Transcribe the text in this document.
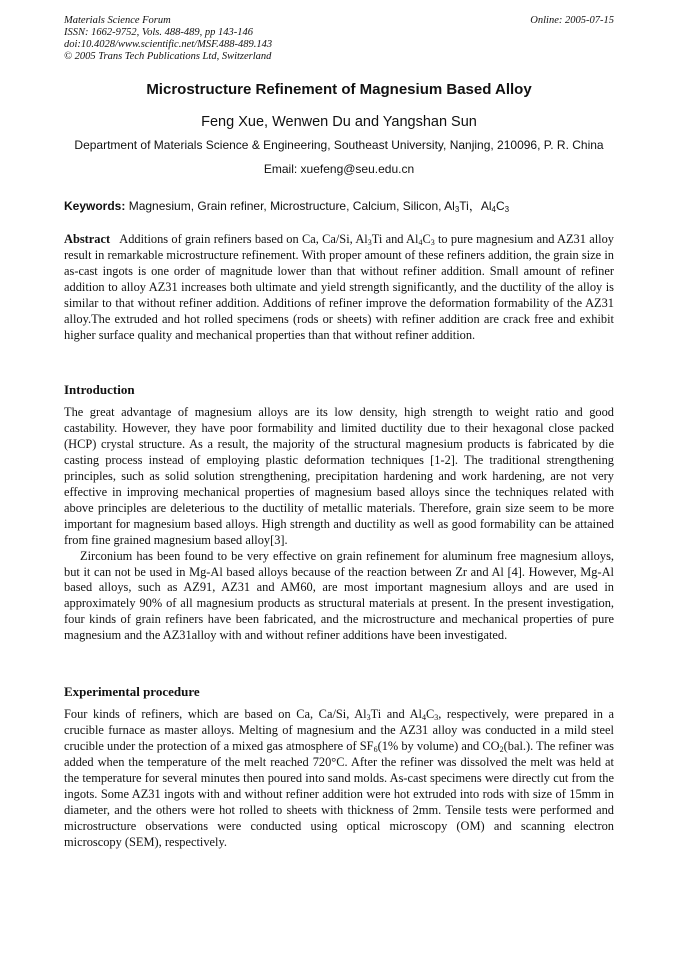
Materials Science Forum
ISSN: 1662-9752, Vols. 488-489, pp 143-146
doi:10.4028/www.scientific.net/MSF.488-489.143
© 2005 Trans Tech Publications Ltd, Switzerland
Online: 2005-07-15
Microstructure Refinement of Magnesium Based Alloy
Feng Xue, Wenwen Du and Yangshan Sun
Department of Materials Science & Engineering, Southeast University, Nanjing, 210096, P. R. China
Email: xuefeng@seu.edu.cn
Keywords: Magnesium, Grain refiner, Microstructure, Calcium, Silicon, $Al_3Ti$，$Al_4C_3$

Abstract Additions of grain refiners based on Ca, Ca/Si, $Al_3Ti$ and $Al_4C_3$ to pure magnesium and AZ31 alloy result in remarkable microstructure refinement. With proper amount of these refiners addition, the grain size in as-cast ingots is one order of magnitude lower than that without refiner addition. Small amount of refiner addition to alloy AZ31 increases both ultimate and yield strength significantly, and the ductility of the alloy is similar to that without refiner addition. Additions of refiner improve the deformation formability of the AZ31 alloy.The extruded and hot rolled specimens (rods or sheets) with refiner addition are crack free and exhibit higher surface quality and mechanical properties than that without refiner addition.

Introduction

The great advantage of magnesium alloys are its low density, high strength to weight ratio and good castability. However, they have poor formability and limited ductility due to their hexagonal close packed (HCP) crystal structure. As a result, the majority of the structural magnesium products is fabricated by die casting process instead of employing plastic deformation techniques [1-2]. The traditional strengthening principles, such as solid solution strengthening, precipitation hardening and work hardening, are not very effective in improving mechanical properties of magnesium based alloys since the techniques related with above principles are deleterious to the ductility of metallic materials. Therefore, grain size seem to be more important for magnesium based alloys. High strength and ductility as well as good formability can be attained from fine grained magnesium based alloy[3].

Zirconium has been found to be very effective on grain refinement for aluminum free magnesium alloys, but it can not be used in Mg-Al based alloys because of the reaction between Zr and Al [4]. However, Mg-Al based alloys, such as AZ91, AZ31 and AM60, are most important magnesium alloys and are used in approximately 90% of all magnesium products as structural materials at present. In the present investigation, four kinds of grain refiners have been fabricated, and the microstructure and mechanical properties of pure magnesium and the AZ31alloy with and without refiner additions have been investigated.

Experimental procedure

Four kinds of refiners, which are based on Ca, Ca/Si, $Al_3Ti$ and $Al_4C_3$, respectively, were prepared in a crucible furnace as master alloys. Melting of magnesium and the AZ31 alloy was conducted in a mild steel crucible under the protection of a mixed gas atmosphere of $SF_6(1\%$ by volume) and $CO_2(bal.)$. The refiner was added when the temperature of the melt reached 720°C. After the refiner was dissolved the melt was held at the temperature for several minutes then poured into sand molds. As-cast specimens were directly cut from the ingots. Some AZ31 ingots with and without refiner addition were hot extruded into rods with size of 15mm in diameter, and the others were hot rolled to sheets with thickness of 2mm. Tensile tests were performed and microstructure observations were conducted using optical microscopy (OM) and scanning electron microscopy (SEM), respectively.
